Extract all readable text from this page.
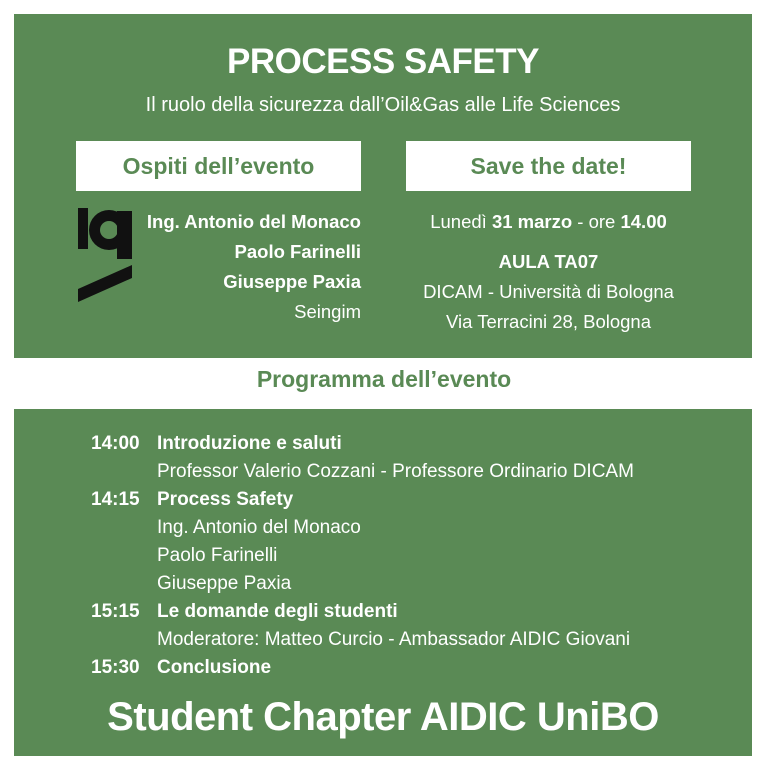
PROCESS SAFETY
Il ruolo della sicurezza dall’Oil&Gas alle Life Sciences
Ospiti dell’evento	Save the date!
Ing. Antonio del Monaco
Paolo Farinelli
Giuseppe Paxia
Seingim
Lunedì 31 marzo - ore 14.00
AULA TA07
DICAM - Università di Bologna
Via Terracini 28, Bologna
Programma dell’evento
14:00 Introduzione e saluti
Professor Valerio Cozzani - Professore Ordinario DICAM
14:15 Process Safety
Ing. Antonio del Monaco
Paolo Farinelli
Giuseppe Paxia
15:15 Le domande degli studenti
Moderatore: Matteo Curcio - Ambassador AIDIC Giovani
15:30 Conclusione
Student Chapter AIDIC UniBO
